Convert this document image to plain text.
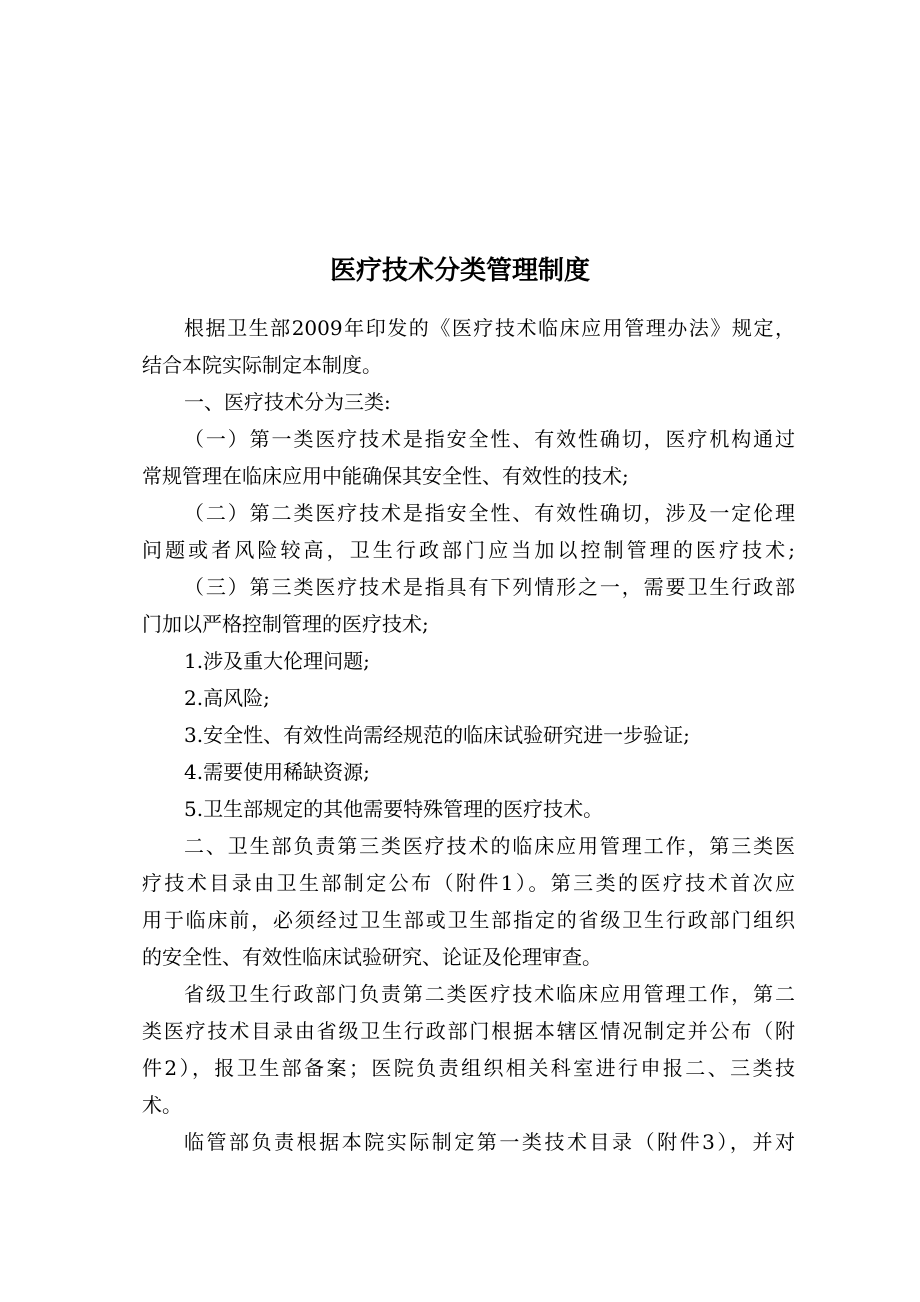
医疗技术分类管理制度
根据卫生部2009年印发的《医疗技术临床应用管理办法》规定，
结合本院实际制定本制度。
一、医疗技术分为三类:
（一）第一类医疗技术是指安全性、有效性确切，医疗机构通过
常规管理在临床应用中能确保其安全性、有效性的技术;
（二）第二类医疗技术是指安全性、有效性确切，涉及一定伦理
问题或者风险较高，卫生行政部门应当加以控制管理的医疗技术;
（三）第三类医疗技术是指具有下列情形之一，需要卫生行政部
门加以严格控制管理的医疗技术;
1.涉及重大伦理问题;
2.高风险;
3.安全性、有效性尚需经规范的临床试验研究进一步验证;
4.需要使用稀缺资源;
5.卫生部规定的其他需要特殊管理的医疗技术。
二、卫生部负责第三类医疗技术的临床应用管理工作，第三类医
疗技术目录由卫生部制定公布（附件1）。第三类的医疗技术首次应
用于临床前，必须经过卫生部或卫生部指定的省级卫生行政部门组织
的安全性、有效性临床试验研究、论证及伦理审查。
省级卫生行政部门负责第二类医疗技术临床应用管理工作，第二
类医疗技术目录由省级卫生行政部门根据本辖区情况制定并公布（附
件2），报卫生部备案；医院负责组织相关科室进行申报二、三类技
术。
临管部负责根据本院实际制定第一类技术目录（附件3），并对
